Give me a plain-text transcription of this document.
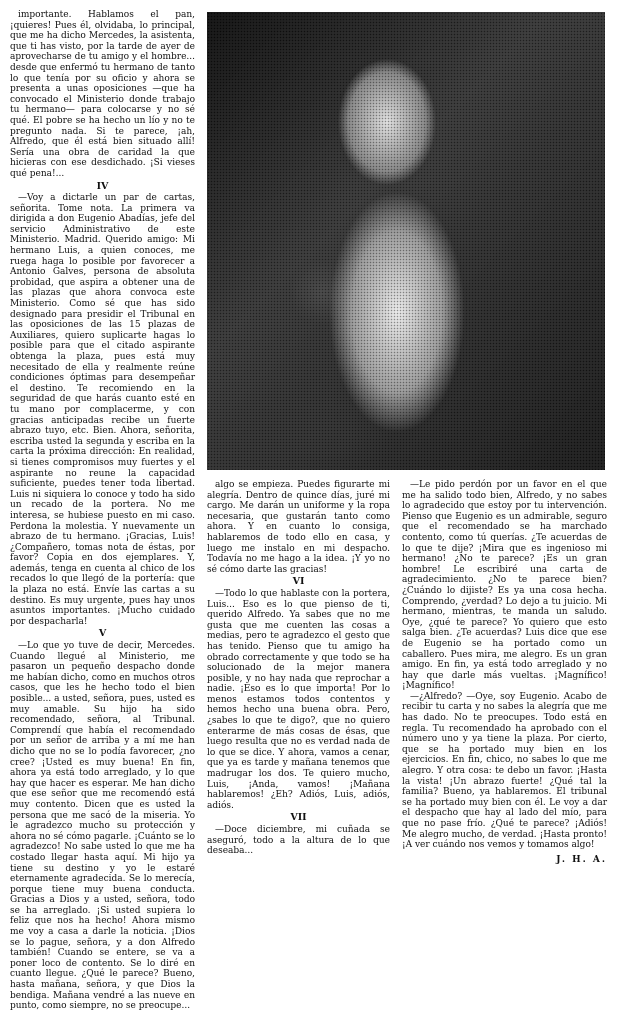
importante. Hablamos el pan, ¡quieres! Pues él, olvidaba, lo principal, que me ha dicho Mercedes, la asistenta, que ti has visto, por la tarde de ayer de aprovecharse de tu amigo y el hombre... desde que enfermó tu hermano de tanto lo que tenía por su oficio y ahora se presenta a unas oposiciones —que ha convocado el Ministerio donde trabajo tu hermano— para colocarse y no sé qué. El pobre se ha hecho un lío y no te pregunto nada. Si te parece, ¡ah, Alfredo, que él está bien situado allí! Sería una obra de caridad la que hicieras con ese desdichado. ¡Si vieses qué pena!...

IV

—Voy a dictarle un par de cartas, señorita. Tome nota. La primera va dirigida a don Eugenio Abadías, jefe del servicio Administrativo de este Ministerio. Madrid. Querido amigo: Mi hermano Luis, a quien conoces, me ruega haga lo posible por favorecer a Antonio Galves, persona de absoluta probidad, que aspira a obtener una de las plazas que ahora convoca este Ministerio. Como sé que has sido designado para presidir el Tribunal en las oposiciones de las 15 plazas de Auxiliares, quiero suplicarte hagas lo posible para que el citado aspirante obtenga la plaza, pues está muy necesitado de ella y realmente reúne condiciones óptimas para desempeñar el destino. Te recomiendo en la seguridad de que harás cuanto esté en tu mano por complacerme, y con gracias anticipadas recibe un fuerte abrazo tuyo, etc. Bien. Ahora, señorita, escriba usted la segunda y escriba en la carta la próxima dirección: En realidad, si tienes compromisos muy fuertes y el aspirante no reune la capacidad suficiente, puedes tener toda libertad. Luis ni siquiera lo conoce y todo ha sido un recado de la portera. No me interesa, se hubiese puesto en mi caso. Perdona la molestia. Y nuevamente un abrazo de tu hermano. ¡Gracias, Luis! ¿Compañero, tomas nota de éstas, por favor? Copia en dos ejemplares. Y, además, tenga en cuenta al chico de los recados lo que llegó de la portería: que la plaza no está. Envíe las cartas a su destino. Es muy urgente, pues hay unos asuntos importantes. ¡Mucho cuidado por despacharla!

V

—Lo que yo tuve de decir, Mercedes. Cuando llegué al Ministerio, me pasaron un pequeño despacho donde me habían dicho, como en muchos otros casos, que les he hecho todo el bien posible... a usted, señora, pues, usted es muy amable. Su hijo ha sido recomendado, señora, al Tribunal. Comprendí que había el recomendado por un señor de arriba y a mí me han dicho que no se lo podía favorecer, ¿no cree? ¡Usted es muy buena! En fin, ahora ya está todo arreglado, y lo que hay que hacer es esperar. Me han dicho que ese señor que me recomendó está muy contento. Dicen que es usted la persona que me sacó de la miseria. Yo le agradezco mucho su protección y ahora no sé cómo pagarle. ¡Cuánto se lo agradezco! No sabe usted lo que me ha costado llegar hasta aquí. Mi hijo ya tiene su destino y yo le estaré eternamente agradecida. Se lo merecía, porque tiene muy buena conducta. Gracias a Dios y a usted, señora, todo se ha arreglado. ¡Si usted supiera lo feliz que nos ha hecho! Ahora mismo me voy a casa a darle la noticia. ¡Dios se lo pague, señora, y a don Alfredo también! Cuando se entere, se va a poner loco de contento. Se lo diré en cuanto llegue. ¿Qué le parece? Bueno, hasta mañana, señora, y que Dios la bendiga. Mañana vendré a las nueve en punto, como siempre, no se preocupe...

algo se empieza. Puedes figurarte mi alegría. Dentro de quince días, juré mi cargo. Me darán un uniforme y la ropa necesaria, que gustarán tanto como ahora. Y en cuanto lo consiga, hablaremos de todo ello en casa, y luego me instalo en mi despacho. Todavía no me hago a la idea. ¡Y yo no sé cómo darte las gracias!

VI

—Todo lo que hablaste con la portera, Luis... Eso es lo que pienso de ti, querido Alfredo. Ya sabes que no me gusta que me cuenten las cosas a medias, pero te agradezco el gesto que has tenido. Pienso que tu amigo ha obrado correctamente y que todo se ha solucionado de la mejor manera posible, y no hay nada que reprochar a nadie. ¡Eso es lo que importa! Por lo menos estamos todos contentos y hemos hecho una buena obra. Pero, ¿sabes lo que te digo?, que no quiero enterarme de más cosas de ésas, que luego resulta que no es verdad nada de lo que se dice. Y ahora, vamos a cenar, que ya es tarde y mañana tenemos que madrugar los dos. Te quiero mucho, Luis, ¡Anda, vamos! ¡Mañana hablaremos! ¿Eh? Adiós, Luis, adiós, adiós.

VII

—Doce diciembre, mi cuñada se aseguró, todo a la altura de lo que deseaba...

—Le pido perdón por un favor en el que me ha salido todo bien, Alfredo, y no sabes lo agradecido que estoy por tu intervención. Pienso que Eugenio es un admirable, seguro que el recomendado se ha marchado contento, como tú querías. ¿Te acuerdas de lo que te dije? ¡Mira que es ingenioso mi hermano! ¿No te parece? ¡Es un gran hombre! Le escribiré una carta de agradecimiento. ¿No te parece bien? ¿Cuándo lo dijiste? Es ya una cosa hecha. Comprendo, ¿verdad? Lo dejo a tu juicio. Mi hermano, mientras, te manda un saludo. Oye, ¿qué te parece? Yo quiero que esto salga bien. ¿Te acuerdas? Luis dice que ese de Eugenio se ha portado como un caballero. Pues mira, me alegro. Es un gran amigo. En fin, ya está todo arreglado y no hay que darle más vueltas. ¡Magnífico! ¡Magnífico!

—¿Alfredo? —Oye, soy Eugenio. Acabo de recibir tu carta y no sabes la alegría que me has dado. No te preocupes. Todo está en regla. Tu recomendado ha aprobado con el número uno y ya tiene la plaza. Por cierto, que se ha portado muy bien en los ejercicios. En fin, chico, no sabes lo que me alegro. Y otra cosa: te debo un favor. ¡Hasta la vista! ¡Un abrazo fuerte! ¿Qué tal la familia? Bueno, ya hablaremos. El tribunal se ha portado muy bien con él. Le voy a dar el despacho que hay al lado del mío, para que no pase frío. ¿Qué te parece? ¡Adiós! Me alegro mucho, de verdad. ¡Hasta pronto! ¡A ver cuándo nos vemos y tomamos algo!

J. H. A.
